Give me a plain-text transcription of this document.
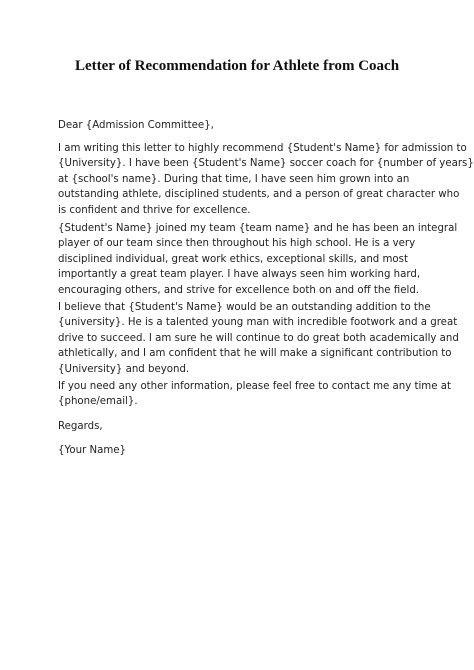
Letter of Recommendation for Athlete from Coach

Dear {Admission Committee},

I am writing this letter to highly recommend {Student's Name} for admission to
{University}. I have been {Student's Name} soccer coach for {number of years}
at {school's name}. During that time, I have seen him grown into an
outstanding athlete, disciplined students, and a person of great character who
is confident and thrive for excellence.

{Student's Name} joined my team {team name} and he has been an integral
player of our team since then throughout his high school. He is a very
disciplined individual, great work ethics, exceptional skills, and most
importantly a great team player. I have always seen him working hard,
encouraging others, and strive for excellence both on and off the field.

I believe that {Student's Name} would be an outstanding addition to the
{university}. He is a talented young man with incredible footwork and a great
drive to succeed. I am sure he will continue to do great both academically and
athletically, and I am confident that he will make a significant contribution to
{University} and beyond.

If you need any other information, please feel free to contact me any time at
{phone/email}.

Regards,

{Your Name}
